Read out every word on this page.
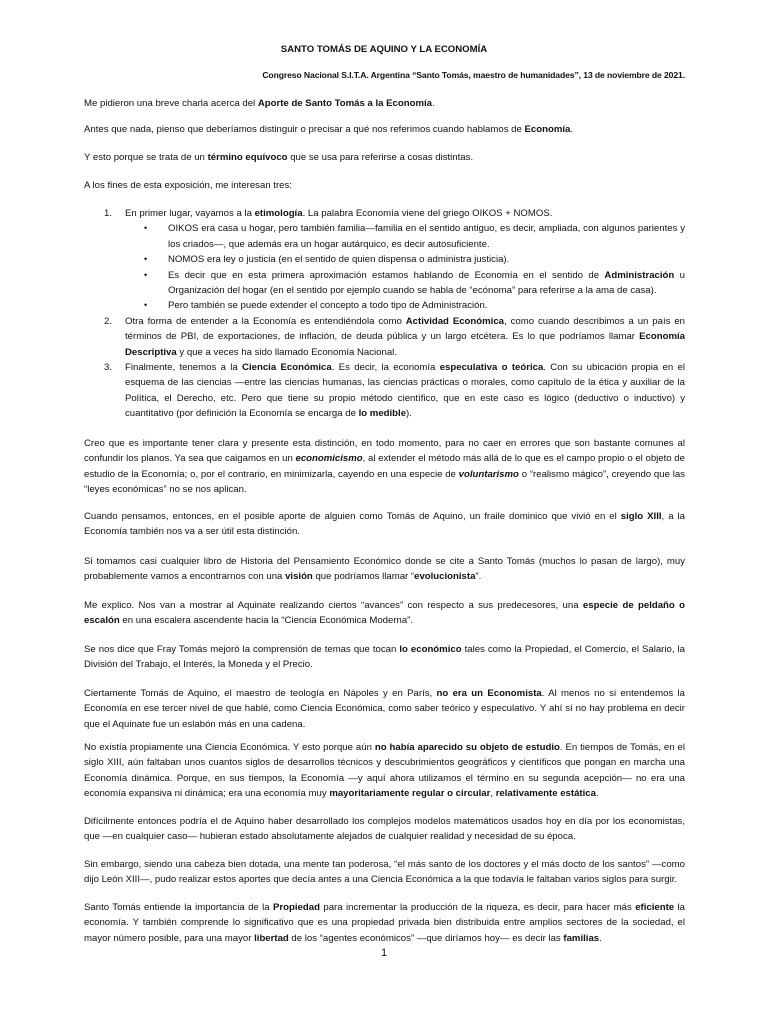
SANTO TOMÁS DE AQUINO Y LA ECONOMÍA

Congreso Nacional S.I.T.A. Argentina “Santo Tomás, maestro de humanidades”, 13 de noviembre de 2021.

Me pidieron una breve charla acerca del Aporte de Santo Tomás a la Economía.

Antes que nada, pienso que deberíamos distinguir o precisar a qué nos referimos cuando hablamos de Economía.

Y esto porque se trata de un término equívoco que se usa para referirse a cosas distintas.

A los fines de esta exposición, me interesan tres:

1. En primer lugar, vayamos a la etimología. La palabra Economía viene del griego OIKOS + NOMOS.
• OIKOS era casa u hogar, pero también familia—familia en el sentido antiguo, es decir, ampliada, con algunos parientes y los criados—, que además era un hogar autárquico, es decir autosuficiente.
• NOMOS era ley o justicia (en el sentido de quien dispensa o administra justicia).
• Es decir que en esta primera aproximación estamos hablando de Economía en el sentido de Administración u Organización del hogar (en el sentido por ejemplo cuando se habla de “ecónoma” para referirse a la ama de casa).
• Pero también se puede extender el concepto a todo tipo de Administración.
2. Otra forma de entender a la Economía es entendiéndola como Actividad Económica, como cuando describimos a un país en términos de PBI, de exportaciones, de inflación, de deuda pública y un largo etcétera. Es lo que podríamos llamar Economía Descriptiva y que a veces ha sido llamado Economía Nacional.
3. Finalmente, tenemos a la Ciencia Económica. Es decir, la economía especulativa o teórica. Con su ubicación propia en el esquema de las ciencias —entre las ciencias humanas, las ciencias prácticas o morales, como capítulo de la ética y auxiliar de la Política, el Derecho, etc. Pero que tiene su propio método científico, que en este caso es lógico (deductivo o inductivo) y cuantitativo (por definición la Economía se encarga de lo medible).

Creo que es importante tener clara y presente esta distinción, en todo momento, para no caer en errores que son bastante comunes al confundir los planos. Ya sea que caigamos en un economicismo, al extender el método más allá de lo que es el campo propio o el objeto de estudio de la Economía; o, por el contrario, en minimizarla, cayendo en una especie de voluntarismo o “realismo mágico”, creyendo que las “leyes económicas” no se nos aplican.

Cuando pensamos, entonces, en el posible aporte de alguien como Tomás de Aquino, un fraile dominico que vivió en el siglo XIII, a la Economía también nos va a ser útil esta distinción.

Si tomamos casi cualquier libro de Historia del Pensamiento Económico donde se cite a Santo Tomás (muchos lo pasan de largo), muy probablemente vamos a encontrarnos con una visión que podríamos llamar “evolucionista”.

Me explico. Nos van a mostrar al Aquinate realizando ciertos “avances” con respecto a sus predecesores, una especie de peldaño o escalón en una escalera ascendente hacia la “Ciencia Económica Moderna”.

Se nos dice que Fray Tomás mejoró la comprensión de temas que tocan lo económico tales como la Propiedad, el Comercio, el Salario, la División del Trabajo, el Interés, la Moneda y el Precio.

Ciertamente Tomás de Aquino, el maestro de teología en Nápoles y en París, no era un Economista. Al menos no si entendemos la Economía en ese tercer nivel de que hablé, como Ciencia Económica, como saber teórico y especulativo. Y ahí sí no hay problema en decir que el Aquinate fue un eslabón más en una cadena.

No existía propiamente una Ciencia Económica. Y esto porque aún no había aparecido su objeto de estudio. En tiempos de Tomás, en el siglo XIII, aún faltaban unos cuantos siglos de desarrollos técnicos y descubrimientos geográficos y científicos que pongan en marcha una Economía dinámica. Porque, en sus tiempos, la Economía —y aquí ahora utilizamos el término en su segunda acepción— no era una economía expansiva ni dinámica; era una economía muy mayoritariamente regular o circular, relativamente estática.

Difícilmente entonces podría el de Aquino haber desarrollado los complejos modelos matemáticos usados hoy en día por los economistas, que —en cualquier caso— hubieran estado absolutamente alejados de cualquier realidad y necesidad de su época.

Sin embargo, siendo una cabeza bien dotada, una mente tan poderosa, “el más santo de los doctores y el más docto de los santos” —como dijo León XIII—, pudo realizar estos aportes que decía antes a una Ciencia Económica a la que todavía le faltaban varios siglos para surgir.

Santo Tomás entiende la importancia de la Propiedad para incrementar la producción de la riqueza, es decir, para hacer más eficiente la economía. Y también comprende lo significativo que es una propiedad privada bien distribuida entre amplios sectores de la sociedad, el mayor número posible, para una mayor libertad de los “agentes económicos” —que diríamos hoy— es decir las familias.

1
